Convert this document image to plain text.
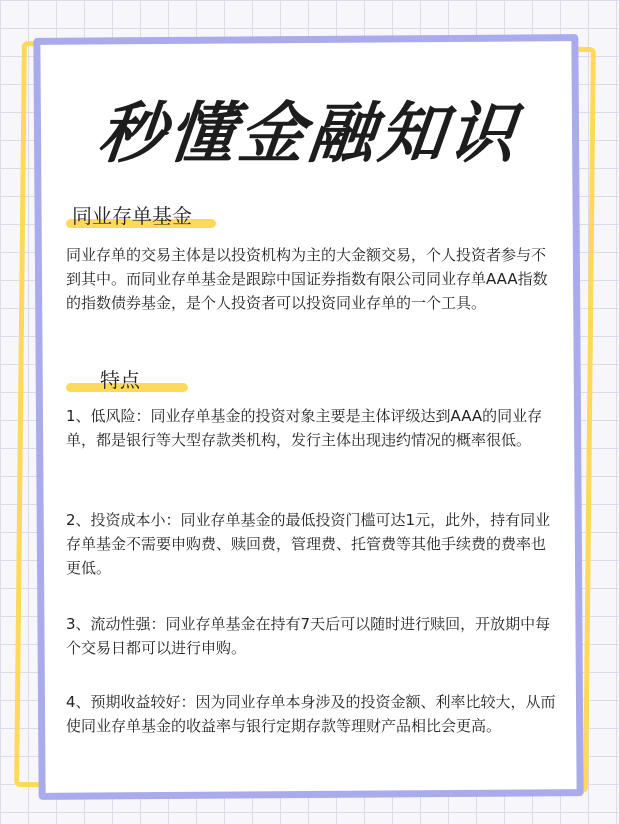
秒懂金融知识
同业存单基金

同业存单的交易主体是以投资机构为主的大金额交易，个人投资者参与不到其中。而同业存单基金是跟踪中国证券指数有限公司同业存单AAA指数的指数债券基金，是个人投资者可以投资同业存单的一个工具。

特点

1、低风险：同业存单基金的投资对象主要是主体评级达到AAA的同业存单，都是银行等大型存款类机构，发行主体出现违约情况的概率很低。

2、投资成本小：同业存单基金的最低投资门槛可达1元，此外，持有同业存单基金不需要申购费、赎回费，管理费、托管费等其他手续费的费率也更低。

3、流动性强：同业存单基金在持有7天后可以随时进行赎回，开放期中每个交易日都可以进行申购。

4、预期收益较好：因为同业存单本身涉及的投资金额、利率比较大，从而使同业存单基金的收益率与银行定期存款等理财产品相比会更高。
